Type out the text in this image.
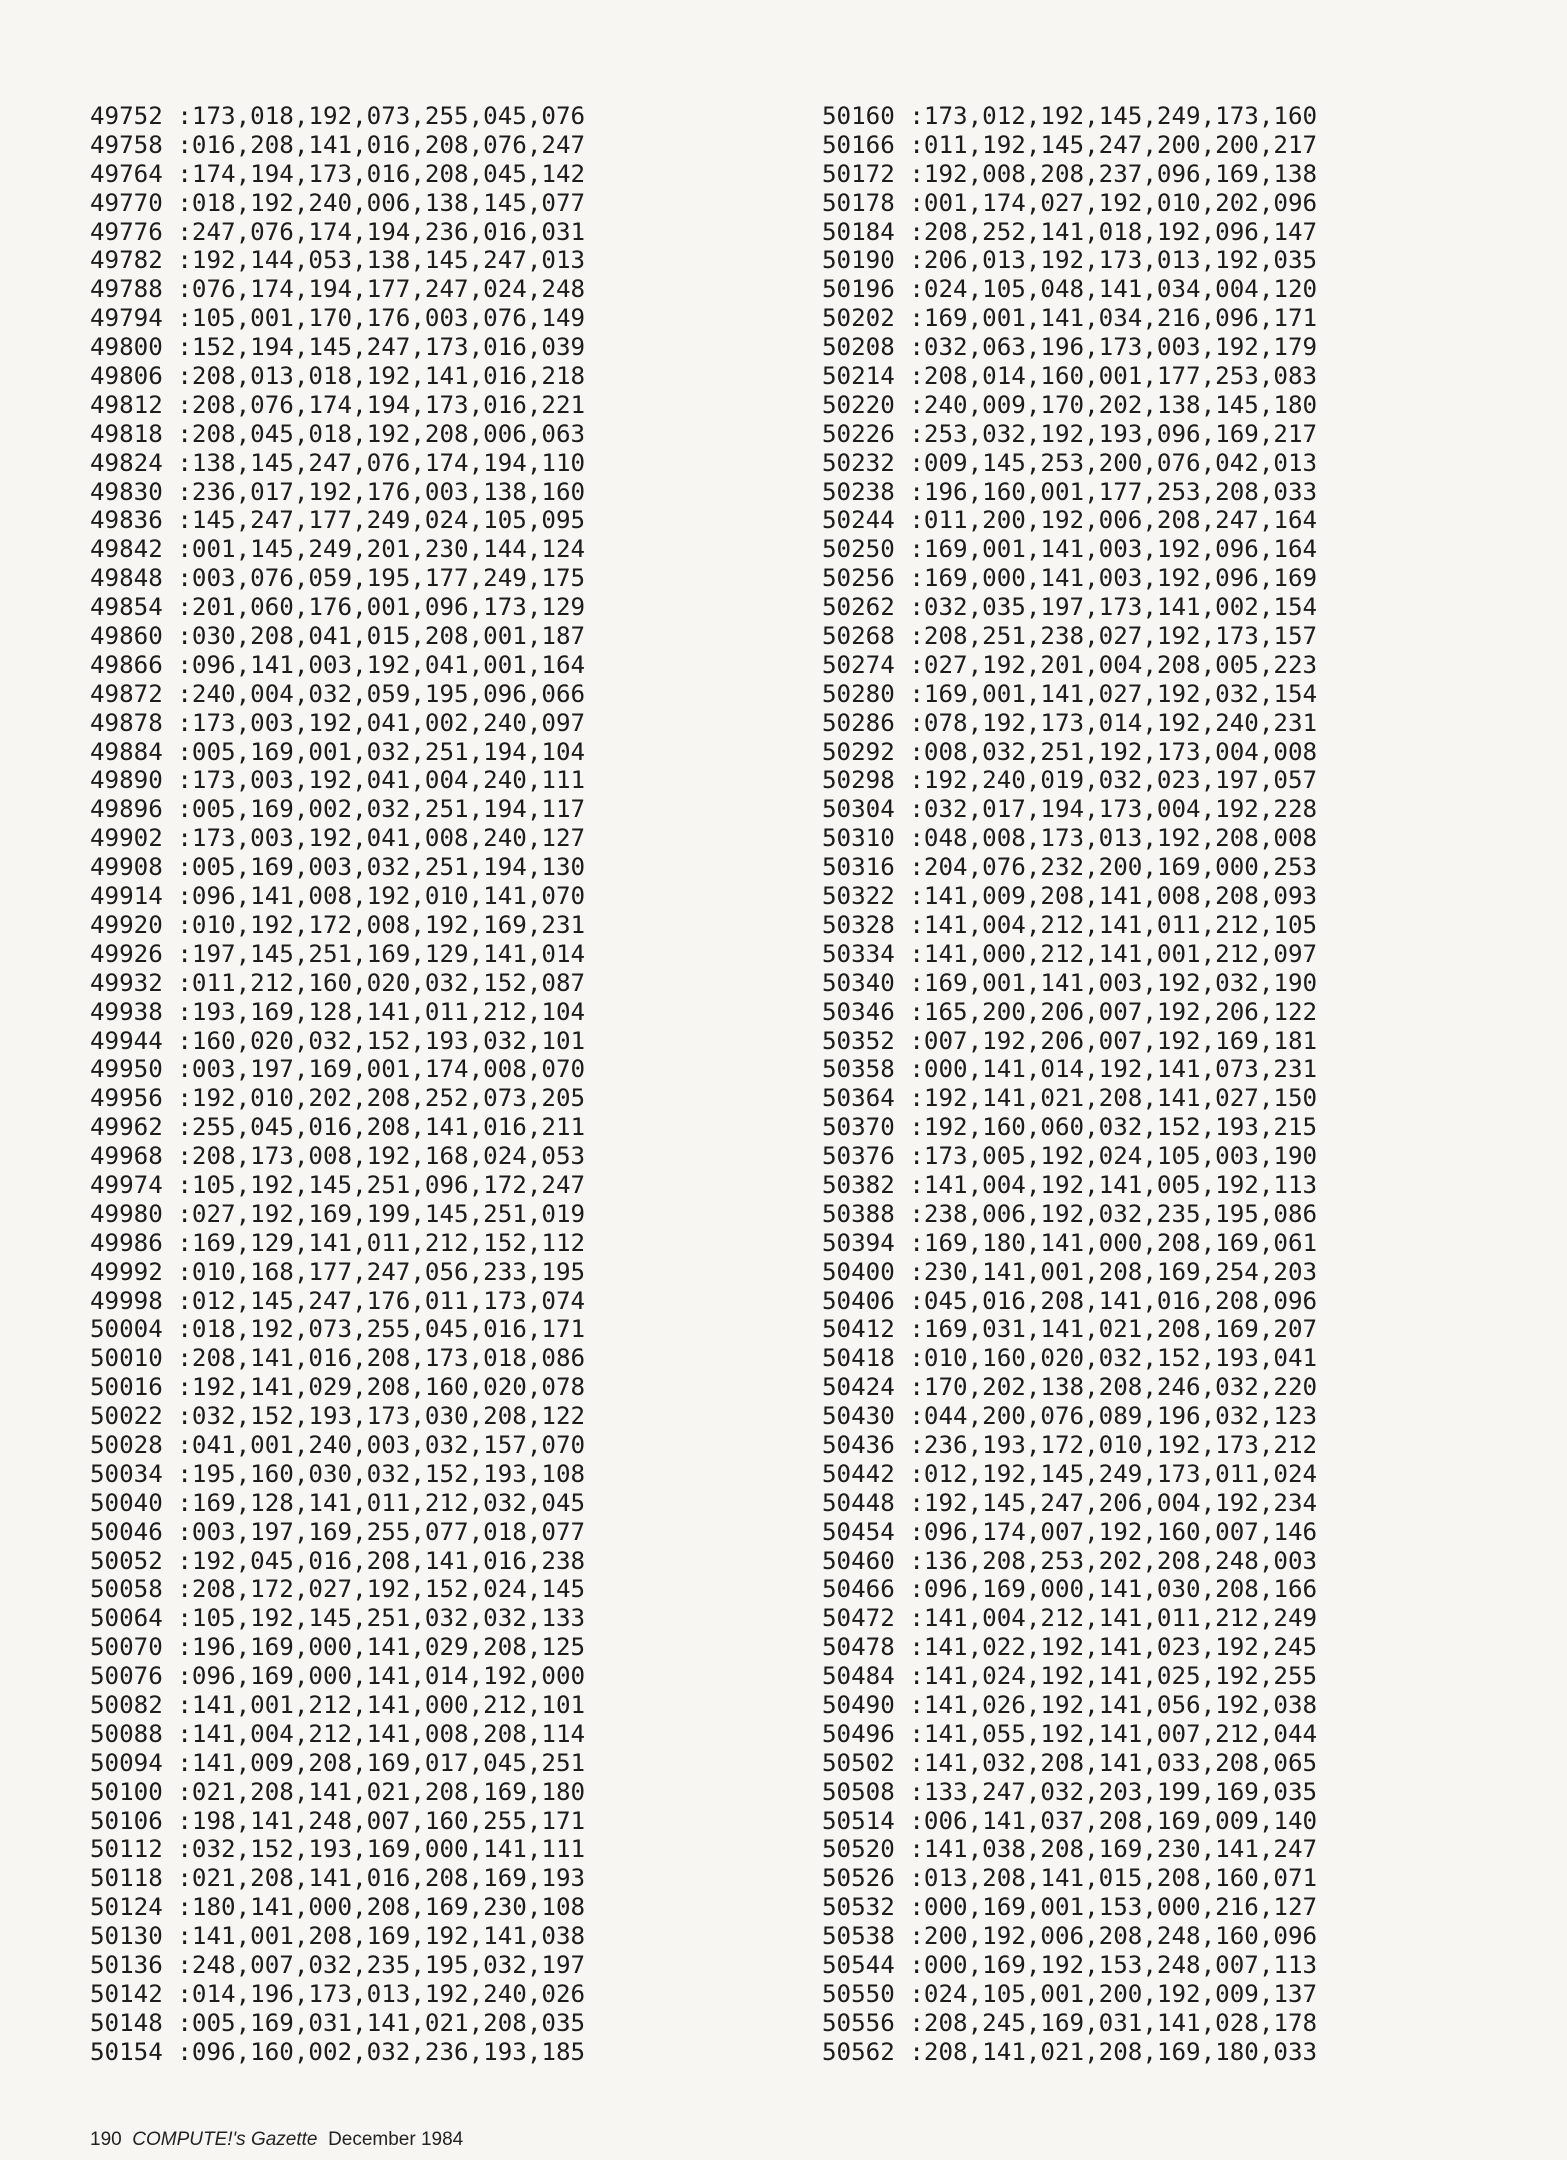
49752 :173,018,192,073,255,045,076
49758 :016,208,141,016,208,076,247
49764 :174,194,173,016,208,045,142
49770 :018,192,240,006,138,145,077
49776 :247,076,174,194,236,016,031
49782 :192,144,053,138,145,247,013
49788 :076,174,194,177,247,024,248
49794 :105,001,170,176,003,076,149
49800 :152,194,145,247,173,016,039
49806 :208,013,018,192,141,016,218
49812 :208,076,174,194,173,016,221
49818 :208,045,018,192,208,006,063
49824 :138,145,247,076,174,194,110
49830 :236,017,192,176,003,138,160
49836 :145,247,177,249,024,105,095
49842 :001,145,249,201,230,144,124
49848 :003,076,059,195,177,249,175
49854 :201,060,176,001,096,173,129
49860 :030,208,041,015,208,001,187
49866 :096,141,003,192,041,001,164
49872 :240,004,032,059,195,096,066
49878 :173,003,192,041,002,240,097
49884 :005,169,001,032,251,194,104
49890 :173,003,192,041,004,240,111
49896 :005,169,002,032,251,194,117
49902 :173,003,192,041,008,240,127
49908 :005,169,003,032,251,194,130
49914 :096,141,008,192,010,141,070
49920 :010,192,172,008,192,169,231
49926 :197,145,251,169,129,141,014
49932 :011,212,160,020,032,152,087
49938 :193,169,128,141,011,212,104
49944 :160,020,032,152,193,032,101
49950 :003,197,169,001,174,008,070
49956 :192,010,202,208,252,073,205
49962 :255,045,016,208,141,016,211
49968 :208,173,008,192,168,024,053
49974 :105,192,145,251,096,172,247
49980 :027,192,169,199,145,251,019
49986 :169,129,141,011,212,152,112
49992 :010,168,177,247,056,233,195
49998 :012,145,247,176,011,173,074
50004 :018,192,073,255,045,016,171
50010 :208,141,016,208,173,018,086
50016 :192,141,029,208,160,020,078
50022 :032,152,193,173,030,208,122
50028 :041,001,240,003,032,157,070
50034 :195,160,030,032,152,193,108
50040 :169,128,141,011,212,032,045
50046 :003,197,169,255,077,018,077
50052 :192,045,016,208,141,016,238
50058 :208,172,027,192,152,024,145
50064 :105,192,145,251,032,032,133
50070 :196,169,000,141,029,208,125
50076 :096,169,000,141,014,192,000
50082 :141,001,212,141,000,212,101
50088 :141,004,212,141,008,208,114
50094 :141,009,208,169,017,045,251
50100 :021,208,141,021,208,169,180
50106 :198,141,248,007,160,255,171
50112 :032,152,193,169,000,141,111
50118 :021,208,141,016,208,169,193
50124 :180,141,000,208,169,230,108
50130 :141,001,208,169,192,141,038
50136 :248,007,032,235,195,032,197
50142 :014,196,173,013,192,240,026
50148 :005,169,031,141,021,208,035
50154 :096,160,002,032,236,193,185
50160 :173,012,192,145,249,173,160
50166 :011,192,145,247,200,200,217
50172 :192,008,208,237,096,169,138
50178 :001,174,027,192,010,202,096
50184 :208,252,141,018,192,096,147
50190 :206,013,192,173,013,192,035
50196 :024,105,048,141,034,004,120
50202 :169,001,141,034,216,096,171
50208 :032,063,196,173,003,192,179
50214 :208,014,160,001,177,253,083
50220 :240,009,170,202,138,145,180
50226 :253,032,192,193,096,169,217
50232 :009,145,253,200,076,042,013
50238 :196,160,001,177,253,208,033
50244 :011,200,192,006,208,247,164
50250 :169,001,141,003,192,096,164
50256 :169,000,141,003,192,096,169
50262 :032,035,197,173,141,002,154
50268 :208,251,238,027,192,173,157
50274 :027,192,201,004,208,005,223
50280 :169,001,141,027,192,032,154
50286 :078,192,173,014,192,240,231
50292 :008,032,251,192,173,004,008
50298 :192,240,019,032,023,197,057
50304 :032,017,194,173,004,192,228
50310 :048,008,173,013,192,208,008
50316 :204,076,232,200,169,000,253
50322 :141,009,208,141,008,208,093
50328 :141,004,212,141,011,212,105
50334 :141,000,212,141,001,212,097
50340 :169,001,141,003,192,032,190
50346 :165,200,206,007,192,206,122
50352 :007,192,206,007,192,169,181
50358 :000,141,014,192,141,073,231
50364 :192,141,021,208,141,027,150
50370 :192,160,060,032,152,193,215
50376 :173,005,192,024,105,003,190
50382 :141,004,192,141,005,192,113
50388 :238,006,192,032,235,195,086
50394 :169,180,141,000,208,169,061
50400 :230,141,001,208,169,254,203
50406 :045,016,208,141,016,208,096
50412 :169,031,141,021,208,169,207
50418 :010,160,020,032,152,193,041
50424 :170,202,138,208,246,032,220
50430 :044,200,076,089,196,032,123
50436 :236,193,172,010,192,173,212
50442 :012,192,145,249,173,011,024
50448 :192,145,247,206,004,192,234
50454 :096,174,007,192,160,007,146
50460 :136,208,253,202,208,248,003
50466 :096,169,000,141,030,208,166
50472 :141,004,212,141,011,212,249
50478 :141,022,192,141,023,192,245
50484 :141,024,192,141,025,192,255
50490 :141,026,192,141,056,192,038
50496 :141,055,192,141,007,212,044
50502 :141,032,208,141,033,208,065
50508 :133,247,032,203,199,169,035
50514 :006,141,037,208,169,009,140
50520 :141,038,208,169,230,141,247
50526 :013,208,141,015,208,160,071
50532 :000,169,001,153,000,216,127
50538 :200,192,006,208,248,160,096
50544 :000,169,192,153,248,007,113
50550 :024,105,001,200,192,009,137
50556 :208,245,169,031,141,028,178
50562 :208,141,021,208,169,180,033
190 COMPUTE!'s Gazette December 1984
